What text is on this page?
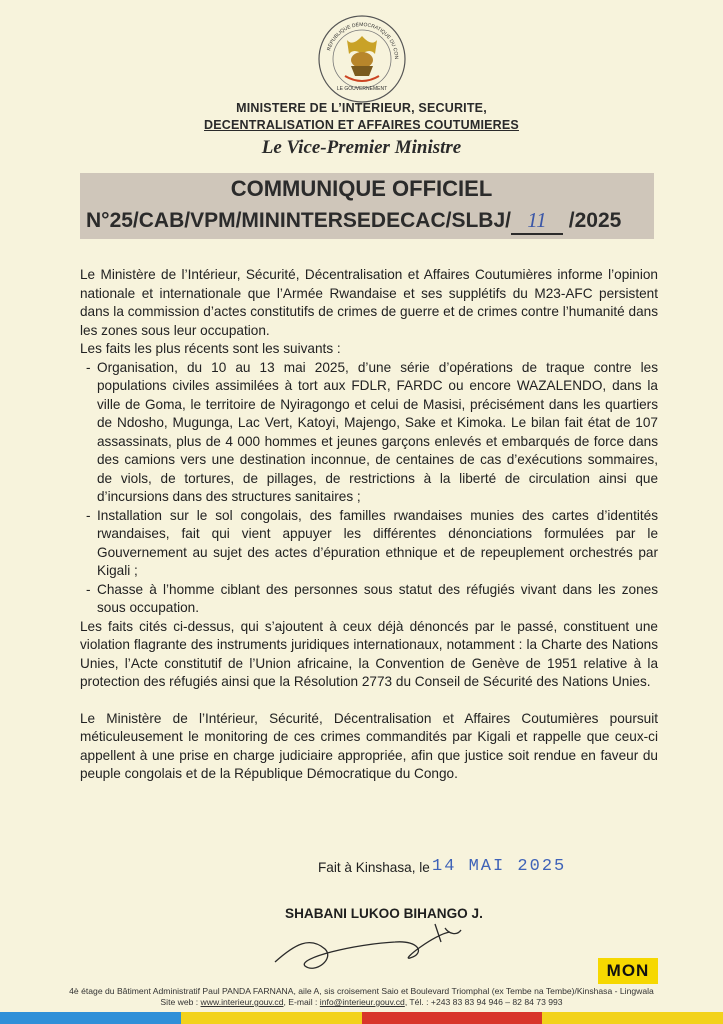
LE GOUVERNEMENT
RÉPUBLIQUE DÉMOCRATIQUE DU CON
MINISTERE DE L’INTERIEUR, SECURITE,
DECENTRALISATION ET AFFAIRES COUTUMIERES
Le Vice-Premier Ministre
COMMUNIQUE OFFICIEL
N°25/CAB/VPM/MININTERSEDECAC/SLBJ/ 11 /2025

Le Ministère de l’Intérieur, Sécurité, Décentralisation et Affaires Coutumières informe l’opinion nationale et internationale que l’Armée Rwandaise et ses supplétifs du M23-AFC persistent dans la commission d’actes constitutifs de crimes de guerre et de crimes contre l’humanité dans les zones sous leur occupation.

Les faits les plus récents sont les suivants :

- Organisation, du 10 au 13 mai 2025, d’une série d’opérations de traque contre les populations civiles assimilées à tort aux FDLR, FARDC ou encore WAZALENDO, dans la ville de Goma, le territoire de Nyiragongo et celui de Masisi, précisément dans les quartiers de Ndosho, Mugunga, Lac Vert, Katoyi, Majengo, Sake et Kimoka. Le bilan fait état de 107 assassinats, plus de 4 000 hommes et jeunes garçons enlevés et embarqués de force dans des camions vers une destination inconnue, de centaines de cas d’exécutions sommaires, de viols, de tortures, de pillages, de restrictions à la liberté de circulation ainsi que d’incursions dans des structures sanitaires ;
- Installation sur le sol congolais, des familles rwandaises munies des cartes d’identités rwandaises, fait qui vient appuyer les différentes dénonciations formulées par le Gouvernement au sujet des actes d’épuration ethnique et de repeuplement orchestrés par Kigali ;
- Chasse à l’homme ciblant des personnes sous statut des réfugiés vivant dans les zones sous occupation.

Les faits cités ci-dessus, qui s’ajoutent à ceux déjà dénoncés par le passé, constituent une violation flagrante des instruments juridiques internationaux, notamment : la Charte des Nations Unies, l’Acte constitutif de l’Union africaine, la Convention de Genève de 1951 relative à la protection des réfugiés ainsi que la Résolution 2773 du Conseil de Sécurité des Nations Unies.

Le Ministère de l’Intérieur, Sécurité, Décentralisation et Affaires Coutumières poursuit méticuleusement le monitoring de ces crimes commandités par Kigali et rappelle que ceux-ci appellent à une prise en charge judiciaire appropriée, afin que justice soit rendue en faveur du peuple congolais et de la République Démocratique du Congo.

Fait à Kinshasa, le 14 MAI 2025
SHABANI LUKOO BIHANGO J.
4è étage du Bâtiment Administratif Paul PANDA FARNANA, aile A, sis croisement Saio et Boulevard Triomphal (ex Tembe na Tembe)/Kinshasa - Lingwala
Site web : www.interieur.gouv.cd, E-mail : info@interieur.gouv.cd, Tél. : +243 83 83 94 946 – 82 84 73 993
MON
